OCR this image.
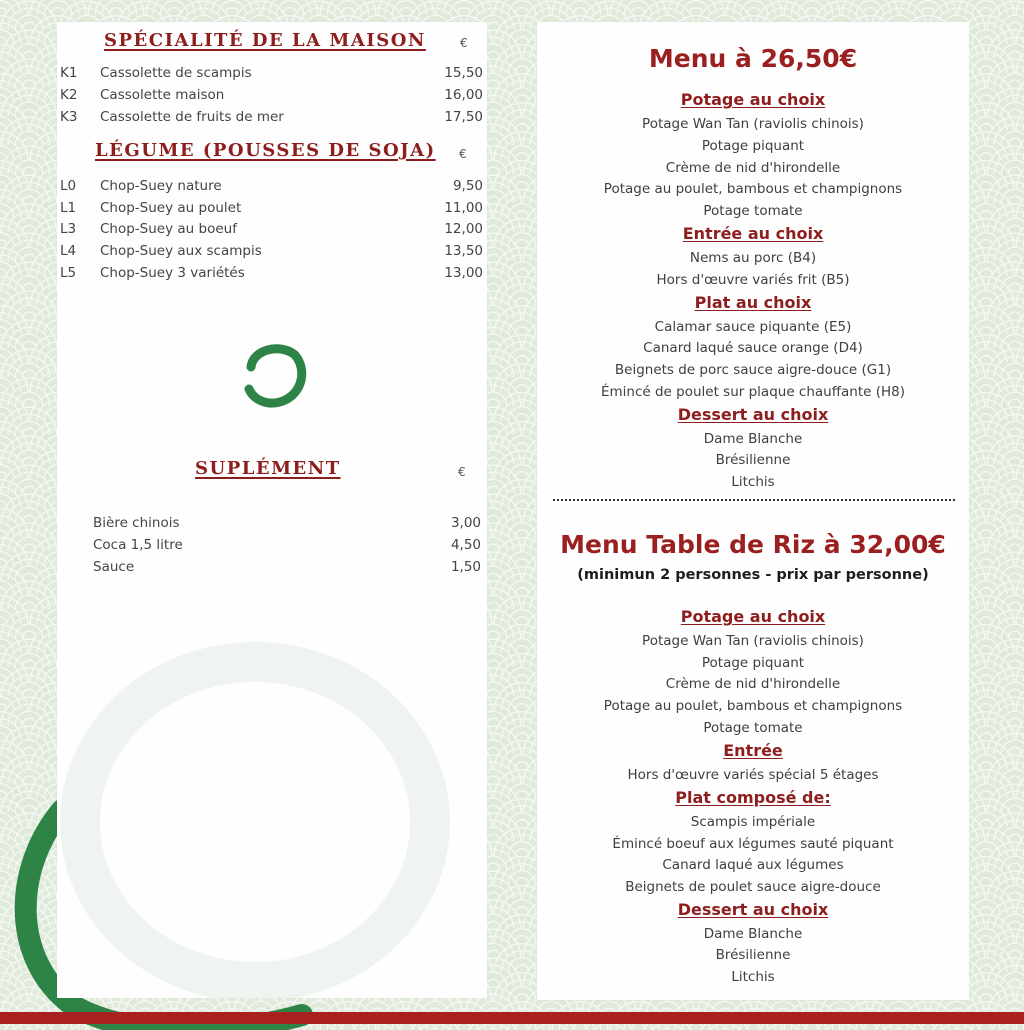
SPÉCIALITÉ DE LA MAISON	€
K1 Cassolette de scampis	15,50
K2 Cassolette maison	16,00
K3 Cassolette de fruits de mer	17,50
LÉGUME (POUSSES DE SOJA) €
L0 Chop-Suey nature	9,50
L1 Chop-Suey au poulet	11,00
L3 Chop-Suey au boeuf	12,00
L4 Chop-Suey aux scampis	13,50
L5 Chop-Suey 3 variétés	13,00
SUPLÉMENT	€
Bière chinois	3,00
Coca 1,5 litre	4,50
Sauce	1,50
Menu à 26,50€
Potage au choix
Potage Wan Tan (raviolis chinois)
Potage piquant
Crème de nid d'hirondelle
Potage au poulet, bambous et champignons
Potage tomate
Entrée au choix
Nems au porc (B4)
Hors d'œuvre variés frit (B5)
Plat au choix
Calamar sauce piquante (E5)
Canard laqué sauce orange (D4)
Beignets de porc sauce aigre-douce (G1)
Émincé de poulet sur plaque chauffante (H8)
Dessert au choix
Dame Blanche
Brésilienne
Litchis
Menu Table de Riz à 32,00€
(minimun 2 personnes - prix par personne)
Potage au choix
Potage Wan Tan (raviolis chinois)
Potage piquant
Crème de nid d'hirondelle
Potage au poulet, bambous et champignons
Potage tomate
Entrée
Hors d'œuvre variés spécial 5 étages
Plat composé de:
Scampis impériale
Émincé boeuf aux légumes sauté piquant
Canard laqué aux légumes
Beignets de poulet sauce aigre-douce
Dessert au choix
Dame Blanche
Brésilienne
Litchis
